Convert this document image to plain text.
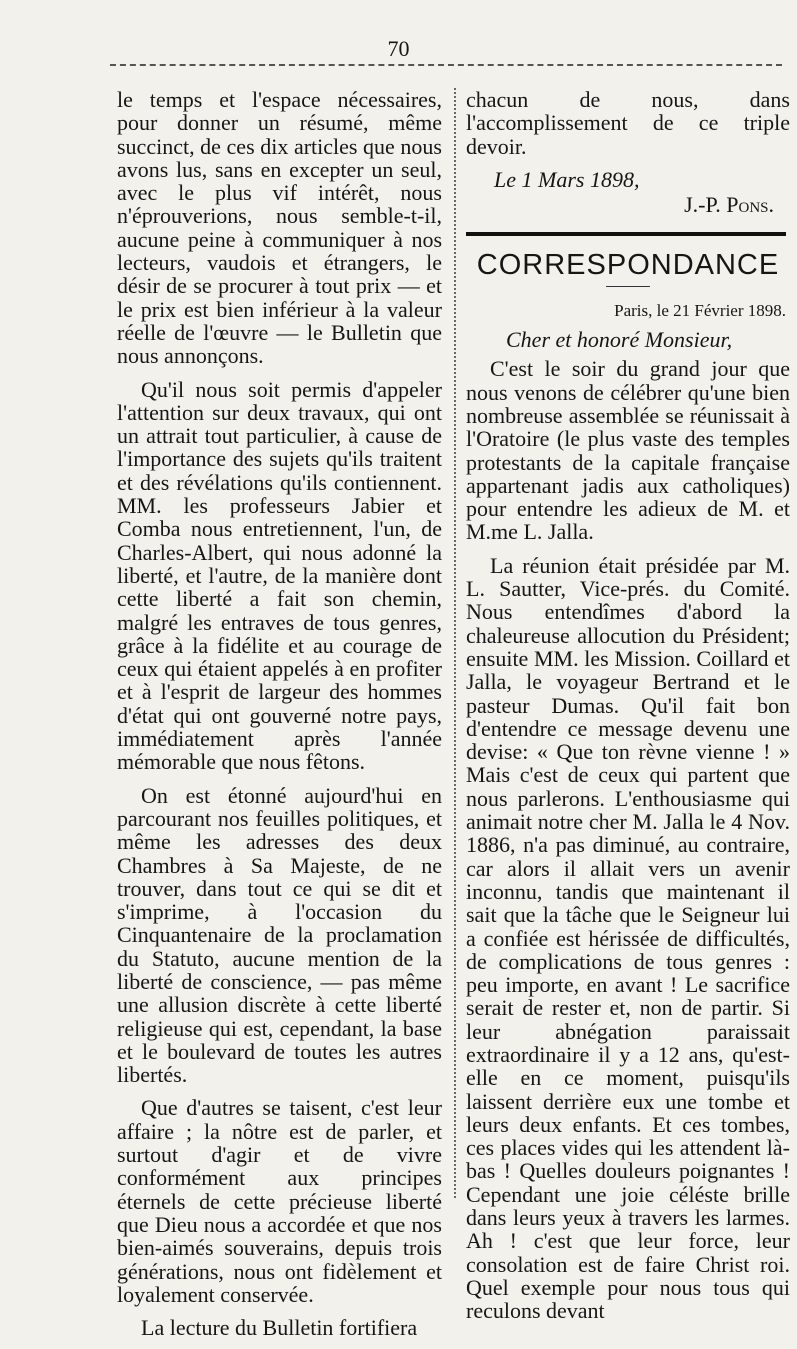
70

le temps et l'espace nécessaires, pour donner un résumé, même succinct, de ces dix articles que nous avons lus, sans en excepter un seul, avec le plus vif intérêt, nous n'éprouverions, nous semble-t-il, aucune peine à communiquer à nos lecteurs, vaudois et étrangers, le désir de se procurer à tout prix — et le prix est bien inférieur à la valeur réelle de l'œuvre — le Bulletin que nous annonçons.

Qu'il nous soit permis d'appeler l'attention sur deux travaux, qui ont un attrait tout particulier, à cause de l'importance des sujets qu'ils traitent et des révélations qu'ils contiennent. MM. les professeurs Jabier et Comba nous entretiennent, l'un, de Charles-Albert, qui nous adonné la liberté, et l'autre, de la manière dont cette liberté a fait son chemin, malgré les entraves de tous genres, grâce à la fidélite et au courage de ceux qui étaient appelés à en profiter et à l'esprit de largeur des hommes d'état qui ont gouverné notre pays, immédiatement après l'année mémorable que nous fêtons.

On est étonné aujourd'hui en parcourant nos feuilles politiques, et même les adresses des deux Chambres à Sa Majeste, de ne trouver, dans tout ce qui se dit et s'imprime, à l'occasion du Cinquantenaire de la proclamation du Statuto, aucune mention de la liberté de conscience, — pas même une allusion discrète à cette liberté religieuse qui est, cependant, la base et le boulevard de toutes les autres libertés.

Que d'autres se taisent, c'est leur affaire ; la nôtre est de parler, et surtout d'agir et de vivre conformément aux principes éternels de cette précieuse liberté que Dieu nous a accordée et que nos bien-aimés souverains, depuis trois générations, nous ont fidèlement et loyalement conservée.

La lecture du Bulletin fortifiera

chacun de nous, dans l'accomplissement de ce triple devoir.

Le 1 Mars 1898,
J.-P. Pons.
CORRESPONDANCE
Paris, le 21 Février 1898.
Cher et honoré Monsieur,

C'est le soir du grand jour que nous venons de célébrer qu'une bien nombreuse assemblée se réunissait à l'Oratoire (le plus vaste des temples protestants de la capitale française appartenant jadis aux catholiques) pour entendre les adieux de M. et M.me L. Jalla.

La réunion était présidée par M. L. Sautter, Vice-prés. du Comité. Nous entendîmes d'abord la chaleureuse allocution du Président; ensuite MM. les Mission. Coillard et Jalla, le voyageur Bertrand et le pasteur Dumas. Qu'il fait bon d'entendre ce message devenu une devise: « Que ton rèvne vienne ! » Mais c'est de ceux qui partent que nous parlerons. L'enthousiasme qui animait notre cher M. Jalla le 4 Nov. 1886, n'a pas diminué, au contraire, car alors il allait vers un avenir inconnu, tandis que maintenant il sait que la tâche que le Seigneur lui a confiée est hérissée de difficultés, de complications de tous genres : peu importe, en avant ! Le sacrifice serait de rester et, non de partir. Si leur abnégation paraissait extraordinaire il y a 12 ans, qu'est-elle en ce moment, puisqu'ils laissent derrière eux une tombe et leurs deux enfants. Et ces tombes, ces places vides qui les attendent là-bas ! Quelles douleurs poignantes ! Cependant une joie céléste brille dans leurs yeux à travers les larmes. Ah ! c'est que leur force, leur consolation est de faire Christ roi. Quel exemple pour nous tous qui reculons devant
